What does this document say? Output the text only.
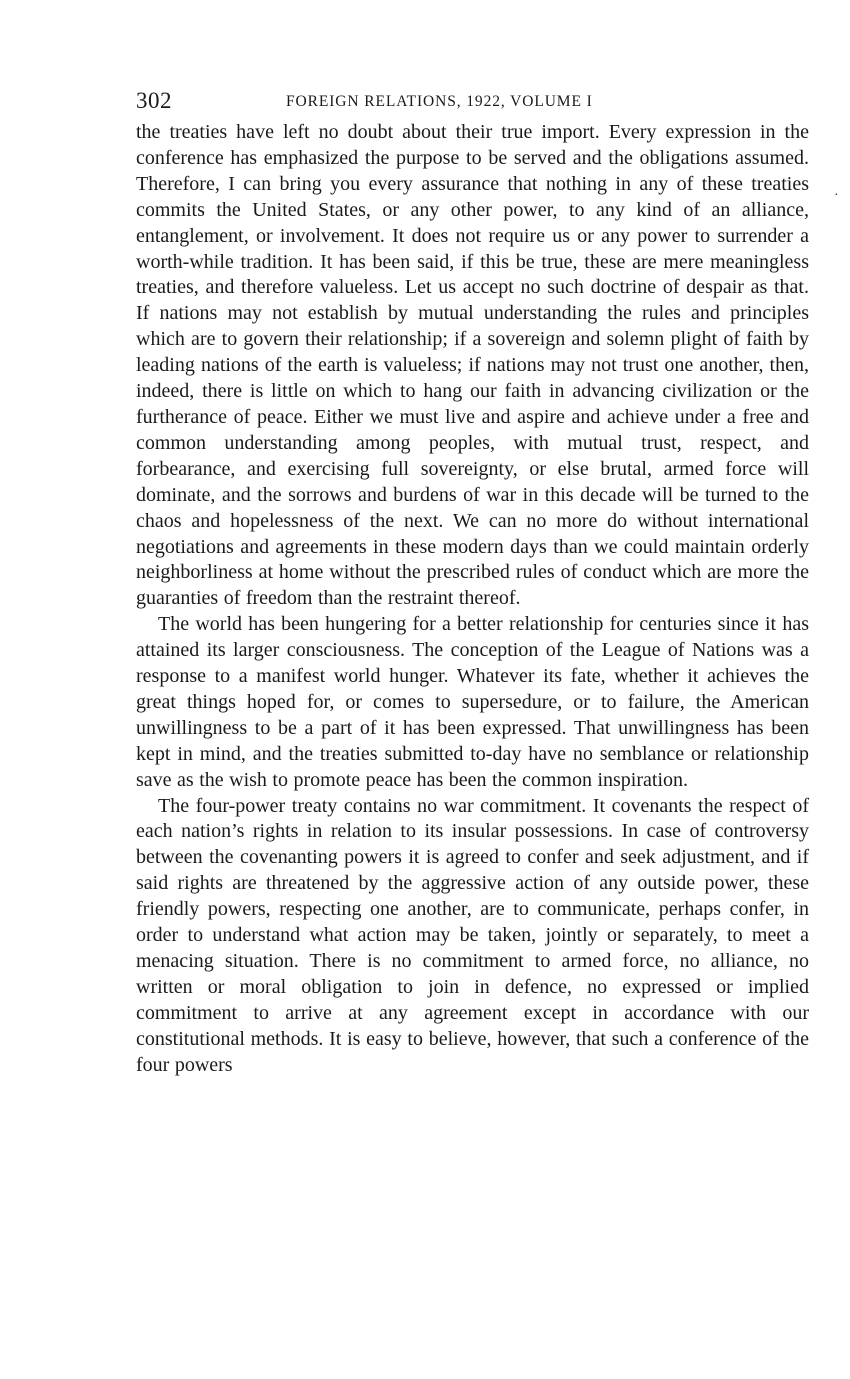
302	FOREIGN RELATIONS, 1922, VOLUME I

the treaties have left no doubt about their true import. Every expression in the conference has emphasized the purpose to be served and the obligations assumed. Therefore, I can bring you every assurance that nothing in any of these treaties commits the United States, or any other power, to any kind of an alliance, entanglement, or involvement. It does not require us or any power to surrender a worth-while tradition. It has been said, if this be true, these are mere meaningless treaties, and therefore valueless. Let us accept no such doctrine of despair as that. If nations may not establish by mutual understanding the rules and principles which are to govern their relationship; if a sovereign and solemn plight of faith by leading nations of the earth is valueless; if nations may not trust one another, then, indeed, there is little on which to hang our faith in advancing civilization or the furtherance of peace. Either we must live and aspire and achieve under a free and common understanding among peoples, with mutual trust, respect, and forbearance, and exercising full sovereignty, or else brutal, armed force will dominate, and the sorrows and burdens of war in this decade will be turned to the chaos and hopelessness of the next. We can no more do without international negotiations and agreements in these modern days than we could maintain orderly neighborliness at home without the prescribed rules of conduct which are more the guaranties of freedom than the restraint thereof.

The world has been hungering for a better relationship for centuries since it has attained its larger consciousness. The conception of the League of Nations was a response to a manifest world hunger. Whatever its fate, whether it achieves the great things hoped for, or comes to supersedure, or to failure, the American unwillingness to be a part of it has been expressed. That unwillingness has been kept in mind, and the treaties submitted to-day have no semblance or relationship save as the wish to promote peace has been the common inspiration.

The four-power treaty contains no war commitment. It covenants the respect of each nation’s rights in relation to its insular possessions. In case of controversy between the covenanting powers it is agreed to confer and seek adjustment, and if said rights are threatened by the aggressive action of any outside power, these friendly powers, respecting one another, are to communicate, perhaps confer, in order to understand what action may be taken, jointly or separately, to meet a menacing situation. There is no commitment to armed force, no alliance, no written or moral obligation to join in defence, no expressed or implied commitment to arrive at any agreement except in accordance with our constitutional methods. It is easy to believe, however, that such a conference of the four powers

·
